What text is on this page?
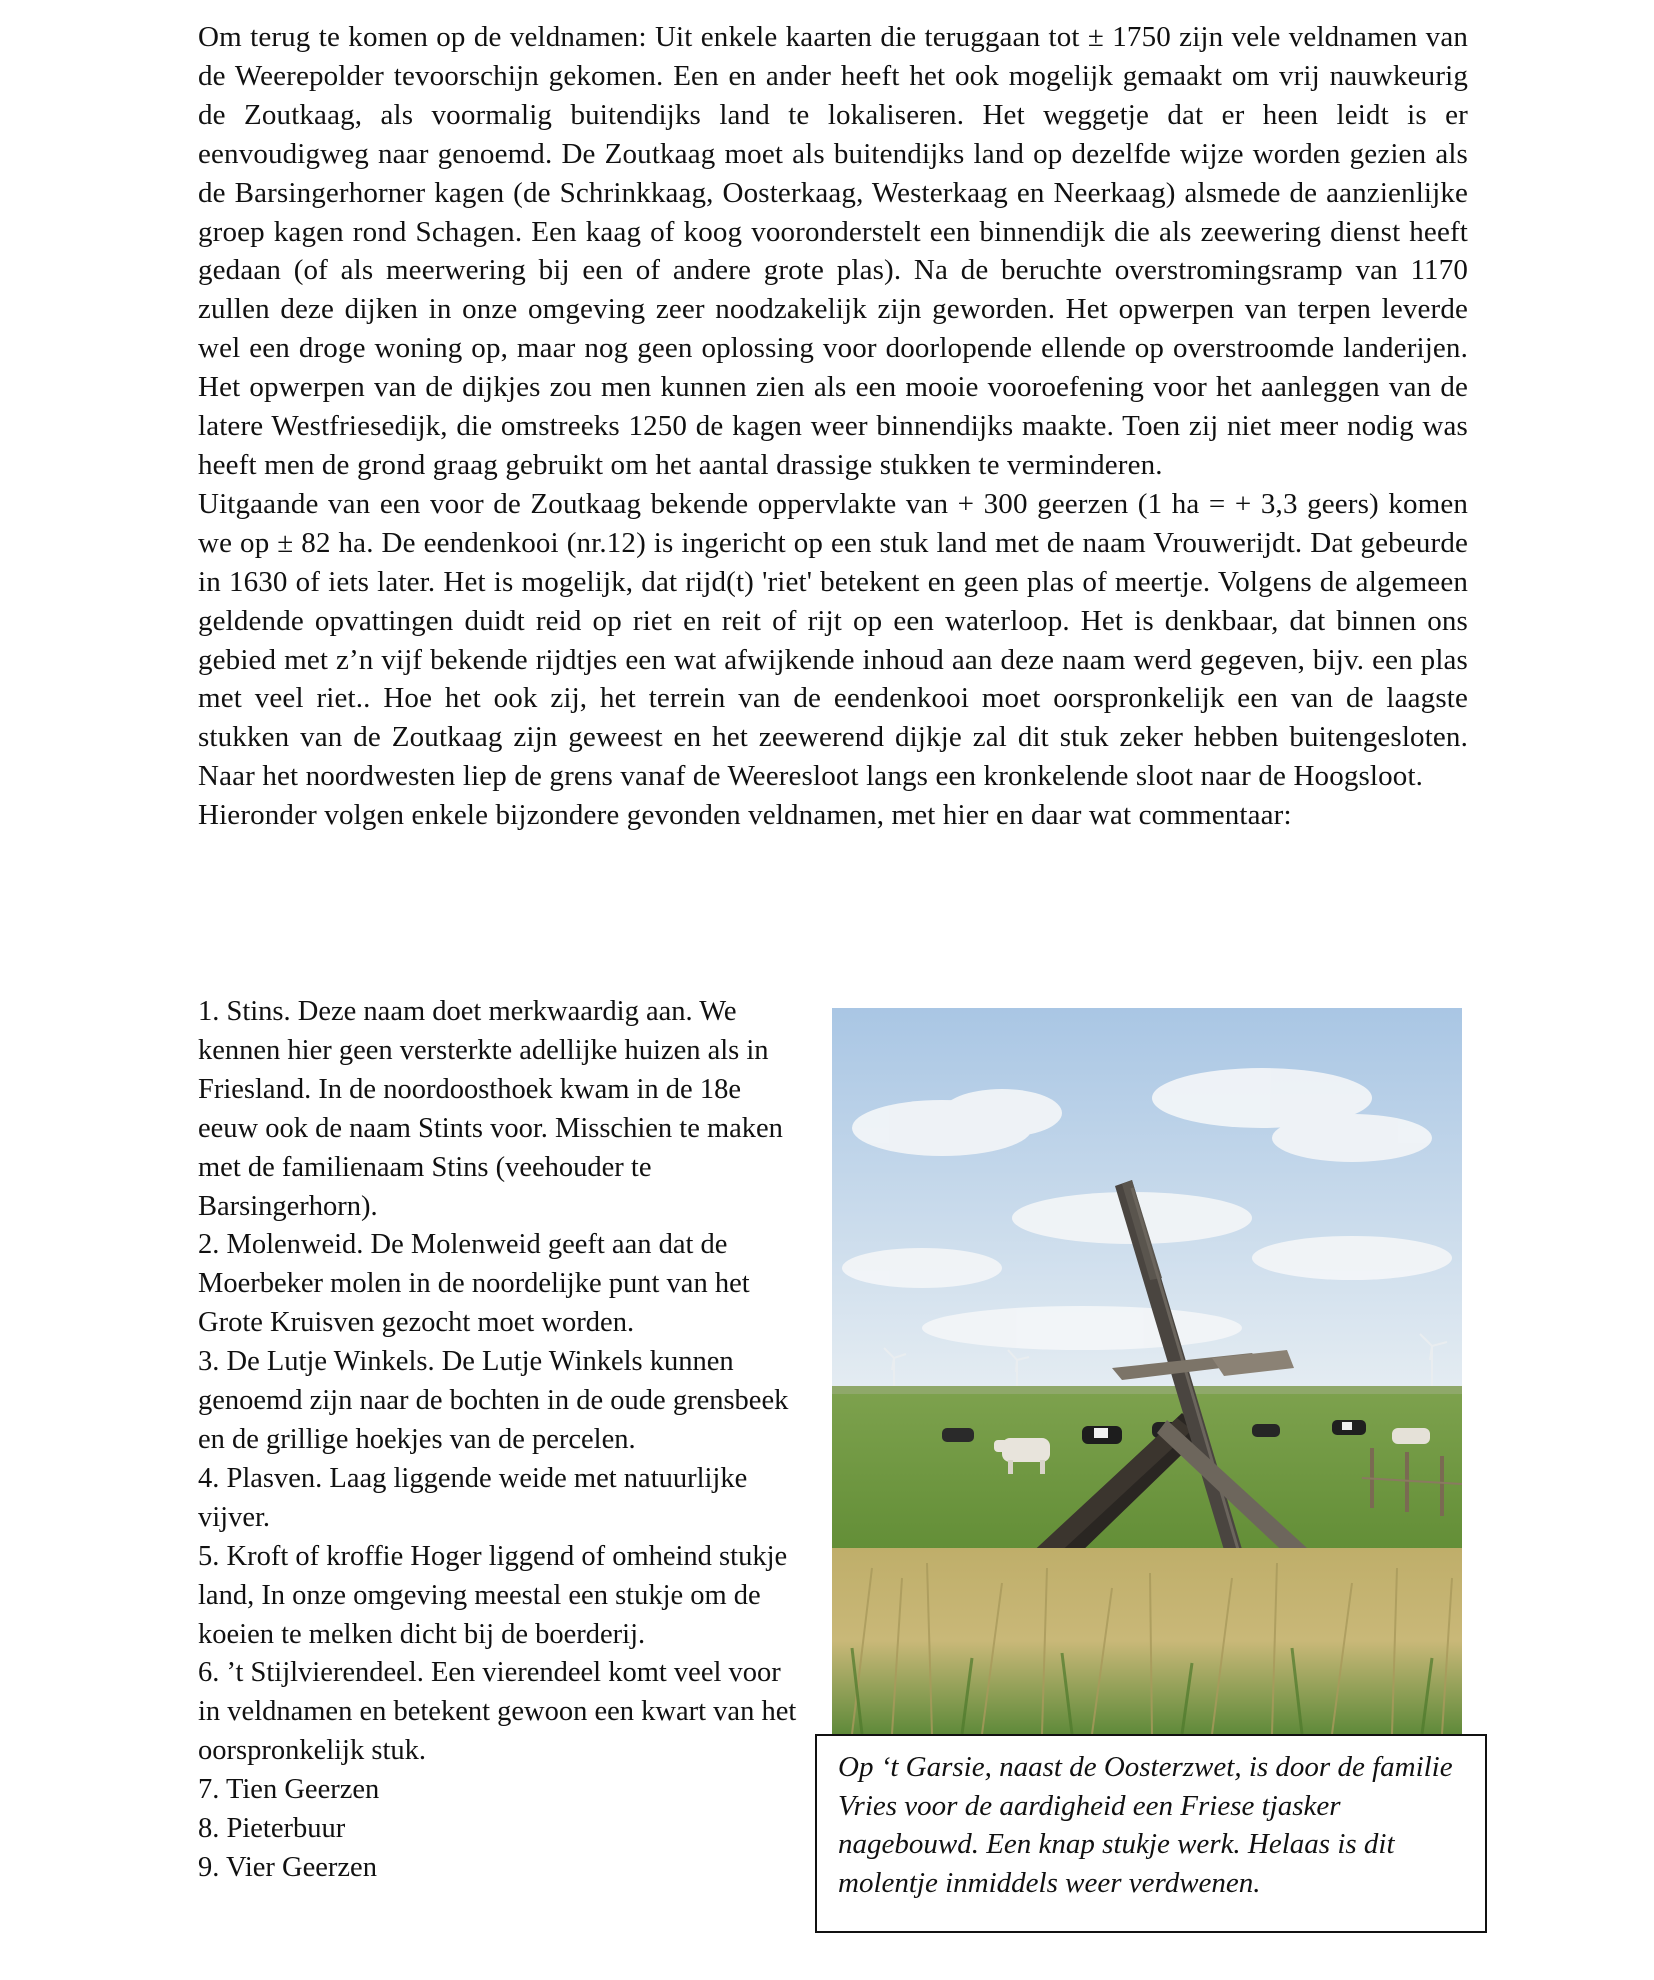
Om terug te komen op de veldnamen: Uit enkele kaarten die teruggaan tot ± 1750 zijn vele veldnamen van de Weerepolder tevoorschijn gekomen. Een en ander heeft het ook mogelijk gemaakt om vrij nauwkeurig de Zoutkaag, als voormalig buitendijks land te lokaliseren. Het weggetje dat er heen leidt is er eenvoudigweg naar genoemd. De Zoutkaag moet als buitendijks land op dezelfde wijze worden gezien als de Barsingerhorner kagen (de Schrinkkaag, Oosterkaag, Westerkaag en Neerkaag) alsmede de aanzienlijke groep kagen rond Schagen. Een kaag of koog vooronderstelt een binnendijk die als zeewering dienst heeft gedaan (of als meerwering bij een of andere grote plas). Na de beruchte overstromingsramp van 1170 zullen deze dijken in onze omgeving zeer noodzakelijk zijn geworden. Het opwerpen van terpen leverde wel een droge woning op, maar nog geen oplossing voor doorlopende ellende op overstroomde landerijen. Het opwerpen van de dijkjes zou men kunnen zien als een mooie vooroefening voor het aanleggen van de latere Westfriesedijk, die omstreeks 1250 de kagen weer binnendijks maakte. Toen zij niet meer nodig was heeft men de grond graag gebruikt om het aantal drassige stukken te verminderen.

Uitgaande van een voor de Zoutkaag bekende oppervlakte van + 300 geerzen (1 ha = + 3,3 geers) komen we op ± 82 ha. De eendenkooi (nr.12) is ingericht op een stuk land met de naam Vrouwerijdt. Dat gebeurde in 1630 of iets later. Het is mogelijk, dat rijd(t) 'riet' betekent en geen plas of meertje. Volgens de algemeen geldende opvattingen duidt reid op riet en reit of rijt op een waterloop. Het is denkbaar, dat binnen ons gebied met z’n vijf bekende rijdtjes een wat afwijkende inhoud aan deze naam werd gegeven, bijv. een plas met veel riet.. Hoe het ook zij, het terrein van de eendenkooi moet oorspronkelijk een van de laagste stukken van de Zoutkaag zijn geweest en het zeewerend dijkje zal dit stuk zeker hebben buitengesloten. Naar het noordwesten liep de grens vanaf de Weeresloot langs een kronkelende sloot naar de Hoogsloot.

Hieronder volgen enkele bijzondere gevonden veldnamen, met hier en daar wat commentaar:

1. Stins. Deze naam doet merkwaardig aan. We kennen hier geen versterkte adellijke huizen als in Friesland. In de noordoosthoek kwam in de 18e eeuw ook de naam Stints voor. Misschien te maken met de familienaam Stins (veehouder te Barsingerhorn).
2. Molenweid. De Molenweid geeft aan dat de Moerbeker molen in de noordelijke punt van het Grote Kruisven gezocht moet worden.
3. De Lutje Winkels. De Lutje Winkels kunnen genoemd zijn naar de bochten in de oude grensbeek en de grillige hoekjes van de percelen.
4. Plasven. Laag liggende weide met natuurlijke vijver.
5. Kroft of kroffie Hoger liggend of omheind stukje land, In onze omgeving meestal een stukje om de koeien te melken dicht bij de boerderij.
6. ’t Stijlvierendeel. Een vierendeel komt veel voor in veldnamen en betekent gewoon een kwart van het oorspronkelijk stuk.
7. Tien Geerzen
8. Pieterbuur
9. Vier Geerzen
Op ‘t Garsie, naast de Oosterzwet, is door de familie Vries voor de aardigheid een Friese tjasker nagebouwd. Een knap stukje werk. Helaas is dit molentje inmiddels weer verdwenen.
